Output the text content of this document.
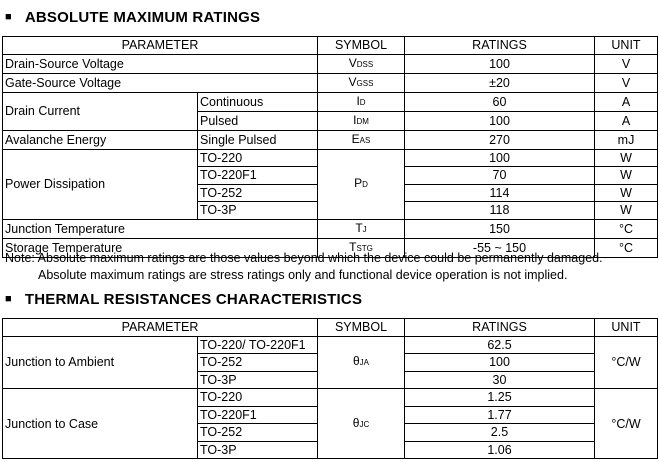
■ ABSOLUTE MAXIMUM RATINGS
PARAMETER		SYMBOL	RATINGS	UNIT
Drain-Source Voltage		VDSS	100	V
Gate-Source Voltage		VGSS	±20	V
Drain Current	Continuous	ID	60	A
	Pulsed	IDM	100	A
Avalanche Energy	Single Pulsed	EAS	270	mJ
Power Dissipation	TO-220	PD	100	W
	TO-220F1		70	W
	TO-252		114	W
	TO-3P		118	W
Junction Temperature		TJ	150	°C
Storage Temperature		TSTG	-55 ~ 150	°C
Note: Absolute maximum ratings are those values beyond which the device could be permanently damaged.
Absolute maximum ratings are stress ratings only and functional device operation is not implied.
■ THERMAL RESISTANCES CHARACTERISTICS
PARAMETER		SYMBOL	RATINGS	UNIT
Junction to Ambient	TO-220/ TO-220F1	θJA	62.5	°C/W
	TO-252		100	
	TO-3P		30	
Junction to Case	TO-220	θJC	1.25	°C/W
	TO-220F1		1.77	
	TO-252		2.5	
	TO-3P		1.06	
